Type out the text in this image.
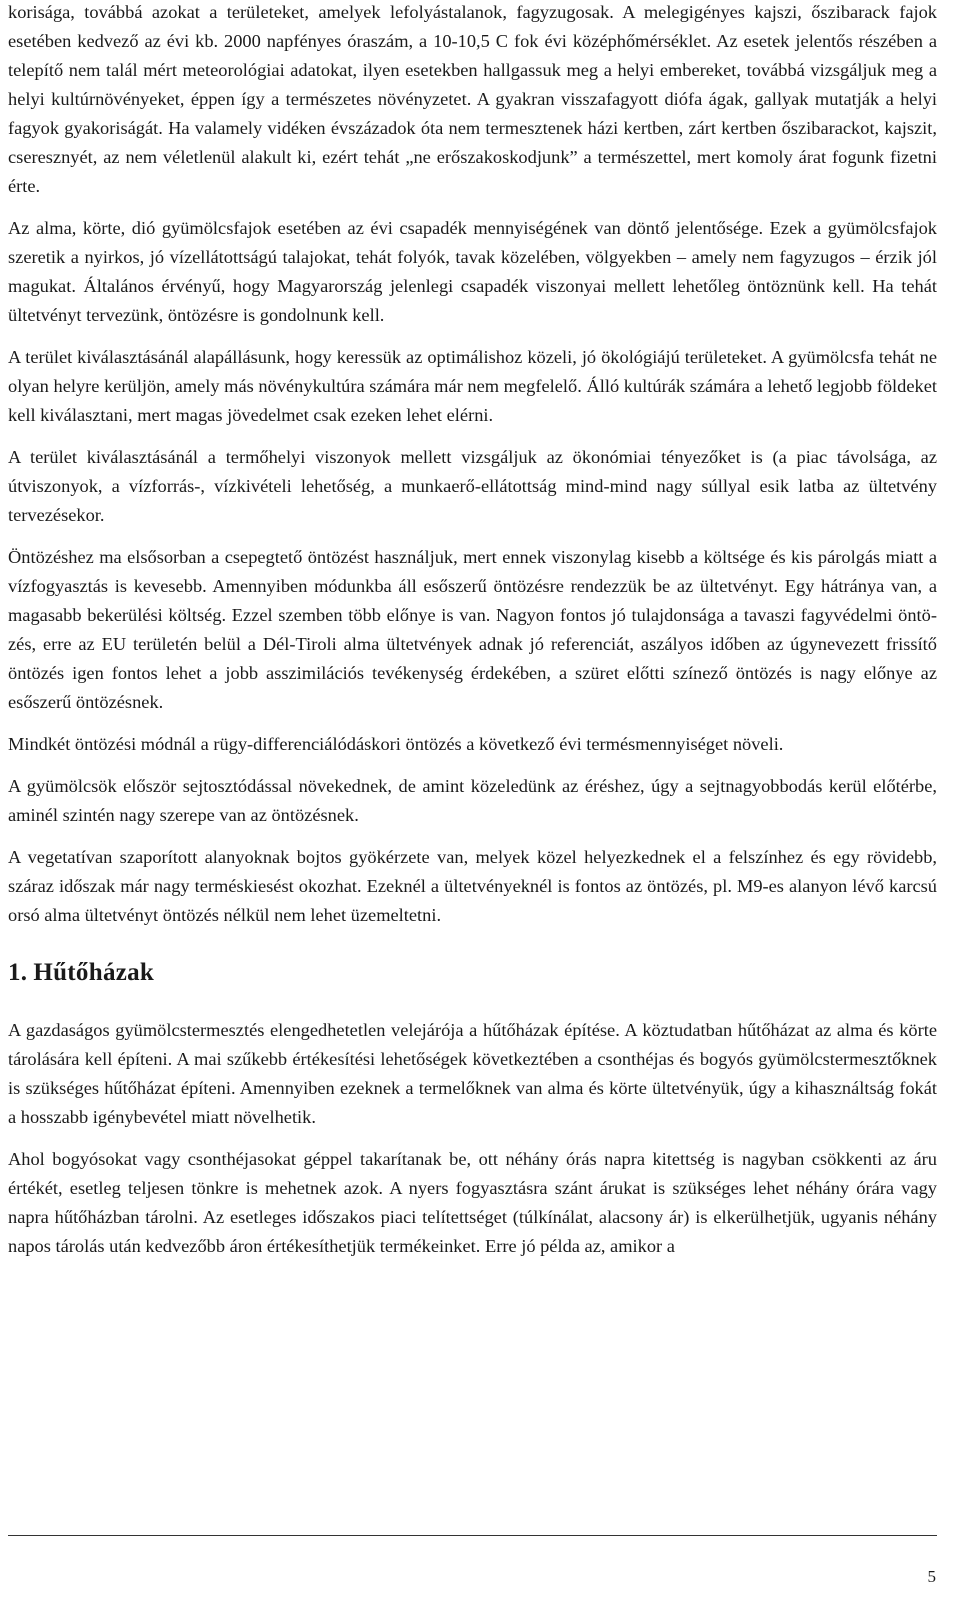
korisága, továbbá azokat a területeket, amelyek lefolyástalanok, fagyzugosak. A melegigényes kajszi, őszibarack fajok esetében kedvező az évi kb. 2000 napfényes óraszám, a 10-10,5 C fok évi középhőmérséklet. Az esetek jelentős részében a telepítő nem talál mért meteorológiai adatokat, ilyen esetekben hallgassuk meg a helyi embereket, továbbá vizsgáljuk meg a helyi kultúrnövényeket, éppen így a természetes növényzetet. A gyakran visszafagyott diófa ágak, gallyak mutatják a helyi fagyok gyakoriságát. Ha valamely vidéken évszázadok óta nem termesztenek házi kertben, zárt kertben őszibarackot, kajszit, cseresznyét, az nem véletlenül alakult ki, ezért tehát „ne erőszakoskodjunk” a természettel, mert komoly árat fogunk fizetni érte.

Az alma, körte, dió gyümölcsfajok esetében az évi csapadék mennyiségének van döntő jelentősége. Ezek a gyümölcsfajok szeretik a nyirkos, jó vízellátottságú talajokat, tehát folyók, tavak közelében, völgyekben – amely nem fagyzugos – érzik jól magukat. Általános érvényű, hogy Magyarország jelenlegi csapadék viszonyai mellett lehetőleg öntöznünk kell. Ha tehát ültetvényt tervezünk, öntözésre is gondolnunk kell.

A terület kiválasztásánál alapállásunk, hogy keressük az optimálishoz közeli, jó ökológiájú területeket. A gyümölcsfa tehát ne olyan helyre kerüljön, amely más növénykultúra számára már nem megfelelő. Álló kultúrák számára a lehető legjobb földeket kell kiválasztani, mert magas jövedelmet csak ezeken lehet elérni.

A terület kiválasztásánál a termőhelyi viszonyok mellett vizsgáljuk az ökonómiai tényezőket is (a piac távolsága, az útviszonyok, a vízforrás-, vízkivételi lehetőség, a munkaerő-ellátottság mind-mind nagy súllyal esik latba az ültetvény tervezésekor.

Öntözéshez ma elsősorban a csepegtető öntözést használjuk, mert ennek viszonylag kisebb a költsége és kis párolgás miatt a vízfogyasztás is kevesebb. Amennyiben módunkba áll esőszerű öntözésre rendezzük be az ültetvényt. Egy hátránya van, a magasabb bekerülési költség. Ezzel szemben több előnye is van. Nagyon fontos jó tulajdonsága a tavaszi fagyvédelmi öntözés, erre az EU területén belül a Dél-Tiroli alma ültetvények adnak jó referenciát, aszályos időben az úgynevezett frissítő öntözés igen fontos lehet a jobb asszimilációs tevékenység érdekében, a szüret előtti színező öntözés is nagy előnye az esőszerű öntözésnek.

Mindkét öntözési módnál a rügy-differenciálódáskori öntözés a következő évi termésmennyiséget növeli.

A gyümölcsök először sejtosztódással növekednek, de amint közeledünk az éréshez, úgy a sejtnagyobbodás kerül előtérbe, aminél szintén nagy szerepe van az öntözésnek.

A vegetatívan szaporított alanyoknak bojtos gyökérzete van, melyek közel helyezkednek el a felszínhez és egy rövidebb, száraz időszak már nagy terméskiesést okozhat. Ezeknél a ültetvényeknél is fontos az öntözés, pl. M9-es alanyon lévő karcsú orsó alma ültetvényt öntözés nélkül nem lehet üzemeltetni.

1. Hűtőházak

A gazdaságos gyümölcstermesztés elengedhetetlen velejárója a hűtőházak építése. A köztudatban hűtőházat az alma és körte tárolására kell építeni. A mai szűkebb értékesítési lehetőségek következtében a csonthéjas és bogyós gyümölcstermesztőknek is szükséges hűtőházat építeni. Amennyiben ezeknek a termelőknek van alma és körte ültetvényük, úgy a kihasználtság fokát a hosszabb igénybevétel miatt növelhetik.

Ahol bogyósokat vagy csonthéjasokat géppel takarítanak be, ott néhány órás napra kitettség is nagyban csökkenti az áru értékét, esetleg teljesen tönkre is mehetnek azok. A nyers fogyasztásra szánt árukat is szükséges lehet néhány órára vagy napra hűtőházban tárolni. Az esetleges időszakos piaci telítettséget (túlkínálat, alacsony ár) is elkerülhetjük, ugyanis néhány napos tárolás után kedvezőbb áron értékesíthetjük termékeinket. Erre jó példa az, amikor a

5
